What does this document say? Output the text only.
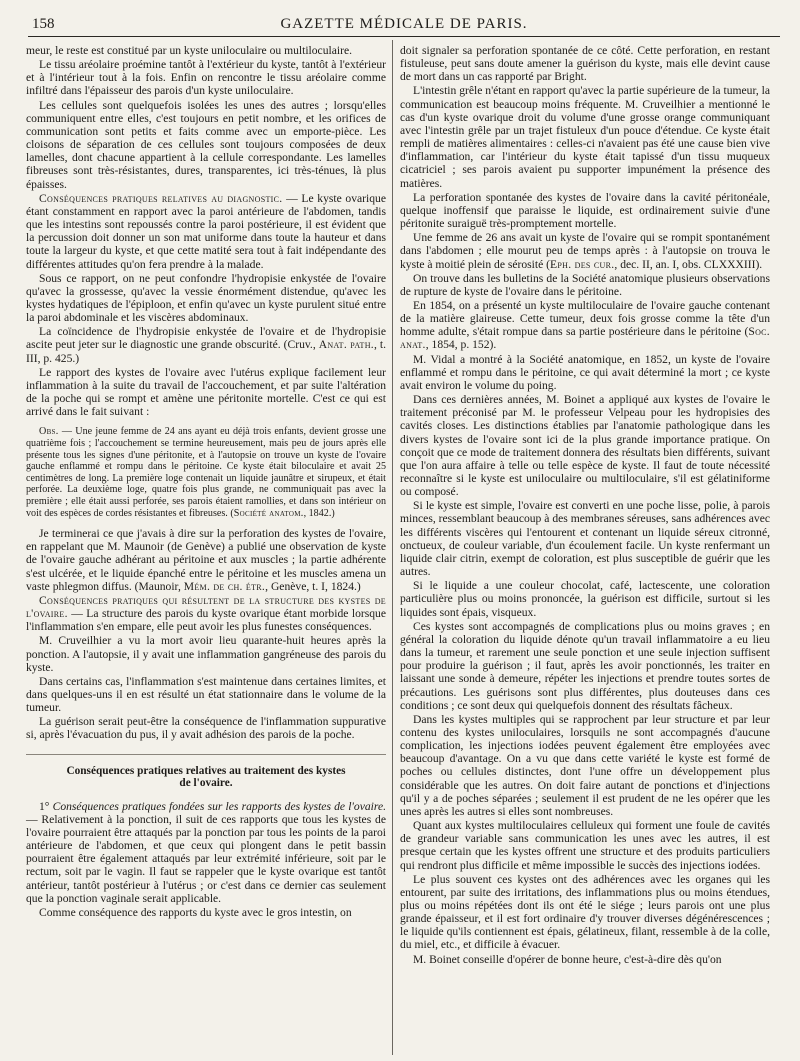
158	GAZETTE MÉDICALE DE PARIS.

meur, le reste est constitué par un kyste uniloculaire ou multiloculaire.

Le tissu aréolaire proémine tantôt à l'extérieur du kyste, tantôt à l'extérieur et à l'intérieur tout à la fois. Enfin on rencontre le tissu aréolaire comme infiltré dans l'épaisseur des parois d'un kyste uniloculaire.

Les cellules sont quelquefois isolées les unes des autres ; lorsqu'elles communiquent entre elles, c'est toujours en petit nombre, et les orifices de communication sont petits et faits comme avec un emporte-pièce. Les cloisons de séparation de ces cellules sont toujours composées de deux lamelles, dont chacune appartient à la cellule correspondante. Les lamelles fibreuses sont très-résistantes, dures, transparentes, ici très-ténues, là plus épaisses.

Conséquences pratiques relatives au diagnostic. — Le kyste ovarique étant constamment en rapport avec la paroi antérieure de l'abdomen, tandis que les intestins sont repoussés contre la paroi postérieure, il est évident que la percussion doit donner un son mat uniforme dans toute la hauteur et dans toute la largeur du kyste, et que cette matité sera tout à fait indépendante des différentes attitudes qu'on fera prendre à la malade.

Sous ce rapport, on ne peut confondre l'hydropisie enkystée de l'ovaire qu'avec la grossesse, qu'avec la vessie énormément distendue, qu'avec les kystes hydatiques de l'épiploon, et enfin qu'avec un kyste purulent situé entre la paroi abdominale et les viscères abdominaux.

La coïncidence de l'hydropisie enkystée de l'ovaire et de l'hydropisie ascite peut jeter sur le diagnostic une grande obscurité. (Cruv., Anat. path., t. III, p. 425.)

Le rapport des kystes de l'ovaire avec l'utérus explique facilement leur inflammation à la suite du travail de l'accouchement, et par suite l'altération de la poche qui se rompt et amène une péritonite mortelle. C'est ce qui est arrivé dans le fait suivant :

Obs. — Une jeune femme de 24 ans ayant eu déjà trois enfants, devient grosse une quatrième fois ; l'accouchement se termine heureusement, mais peu de jours après elle présente tous les signes d'une péritonite, et à l'autopsie on trouve un kyste de l'ovaire gauche enflammé et rompu dans le péritoine. Ce kyste était biloculaire et avait 25 centimètres de long. La première loge contenait un liquide jaunâtre et sirupeux, et était perforée. La deuxième loge, quatre fois plus grande, ne communiquait pas avec la première ; elle était aussi perforée, ses parois étaient ramollies, et dans son intérieur on voit des espèces de cordes résistantes et fibreuses. (Société anatom., 1842.)

Je terminerai ce que j'avais à dire sur la perforation des kystes de l'ovaire, en rappelant que M. Maunoir (de Genève) a publié une observation de kyste de l'ovaire gauche adhérant au péritoine et aux muscles ; la partie adhérente s'est ulcérée, et le liquide épanché entre le péritoine et les muscles amena un vaste phlegmon diffus. (Maunoir, Mém. de ch. étr., Genève, t. I, 1824.)

Conséquences pratiques qui résultent de la structure des kystes de l'ovaire. — La structure des parois du kyste ovarique étant morbide lorsque l'inflammation s'en empare, elle peut avoir les plus funestes conséquences.

M. Cruveilhier a vu la mort avoir lieu quarante-huit heures après la ponction. A l'autopsie, il y avait une inflammation gangréneuse des parois du kyste.

Dans certains cas, l'inflammation s'est maintenue dans certaines limites, et dans quelques-uns il en est résulté un état stationnaire dans le volume de la tumeur.

La guérison serait peut-être la conséquence de l'inflammation suppurative si, après l'évacuation du pus, il y avait adhésion des parois de la poche.

Conséquences pratiques relatives au traitement des kystes
de l'ovaire.

1° Conséquences pratiques fondées sur les rapports des kystes de l'ovaire. — Relativement à la ponction, il suit de ces rapports que tous les kystes de l'ovaire pourraient être attaqués par la ponction par tous les points de la paroi antérieure de l'abdomen, et que ceux qui plongent dans le petit bassin pourraient être également attaqués par leur extrémité inférieure, soit par le rectum, soit par le vagin. Il faut se rappeler que le kyste ovarique est tantôt antérieur, tantôt postérieur à l'utérus ; or c'est dans ce dernier cas seulement que la ponction vaginale serait applicable.

Comme conséquence des rapports du kyste avec le gros intestin, on

doit signaler sa perforation spontanée de ce côté. Cette perforation, en restant fistuleuse, peut sans doute amener la guérison du kyste, mais elle devint cause de mort dans un cas rapporté par Bright.

L'intestin grêle n'étant en rapport qu'avec la partie supérieure de la tumeur, la communication est beaucoup moins fréquente. M. Cruveilhier a mentionné le cas d'un kyste ovarique droit du volume d'une grosse orange communiquant avec l'intestin grêle par un trajet fistuleux d'un pouce d'étendue. Ce kyste était rempli de matières alimentaires : celles-ci n'avaient pas été une cause bien vive d'inflammation, car l'intérieur du kyste était tapissé d'un tissu muqueux cicatriciel ; ses parois avaient pu supporter impunément la présence des matières.

La perforation spontanée des kystes de l'ovaire dans la cavité péritonéale, quelque inoffensif que paraisse le liquide, est ordinairement suivie d'une péritonite suraiguë très-promptement mortelle.

Une femme de 26 ans avait un kyste de l'ovaire qui se rompit spontanément dans l'abdomen ; elle mourut peu de temps après : à l'autopsie on trouva le kyste à moitié plein de sérosité (Eph. des cur., dec. II, an. I, obs. CLXXXIII).

On trouve dans les bulletins de la Société anatomique plusieurs observations de rupture de kyste de l'ovaire dans le péritoine.

En 1854, on a présenté un kyste multiloculaire de l'ovaire gauche contenant de la matière glaireuse. Cette tumeur, deux fois grosse comme la tête d'un homme adulte, s'était rompue dans sa partie postérieure dans le péritoine (Soc. anat., 1854, p. 152).

M. Vidal a montré à la Société anatomique, en 1852, un kyste de l'ovaire enflammé et rompu dans le péritoine, ce qui avait déterminé la mort ; ce kyste avait environ le volume du poing.

Dans ces dernières années, M. Boinet a appliqué aux kystes de l'ovaire le traitement préconisé par M. le professeur Velpeau pour les hydropisies des cavités closes. Les distinctions établies par l'anatomie pathologique dans les divers kystes de l'ovaire sont ici de la plus grande importance pratique. On conçoit que ce mode de traitement donnera des résultats bien différents, suivant que l'on aura affaire à telle ou telle espèce de kyste. Il faut de toute nécessité reconnaître si le kyste est uniloculaire ou multiloculaire, s'il est gélatiniforme ou composé.

Si le kyste est simple, l'ovaire est converti en une poche lisse, polie, à parois minces, ressemblant beaucoup à des membranes séreuses, sans adhérences avec les différents viscères qui l'entourent et contenant un liquide séreux citronné, onctueux, de couleur variable, d'un écoulement facile. Un kyste renfermant un liquide clair citrin, exempt de coloration, est plus susceptible de guérir que les autres.

Si le liquide a une couleur chocolat, café, lactescente, une coloration particulière plus ou moins prononcée, la guérison est difficile, surtout si les liquides sont épais, visqueux.

Ces kystes sont accompagnés de complications plus ou moins graves ; en général la coloration du liquide dénote qu'un travail inflammatoire a eu lieu dans la tumeur, et rarement une seule ponction et une seule injection suffisent pour produire la guérison ; il faut, après les avoir ponctionnés, les traiter en laissant une sonde à demeure, répéter les injections et prendre toutes sortes de précautions. Les guérisons sont plus différentes, plus douteuses dans ces conditions ; ce sont deux qui quelquefois donnent des résultats fâcheux.

Dans les kystes multiples qui se rapprochent par leur structure et par leur contenu des kystes uniloculaires, lorsquils ne sont accompagnés d'aucune complication, les injections iodées peuvent également être employées avec beaucoup d'avantage. On a vu que dans cette variété le kyste est formé de poches ou cellules distinctes, dont l'une offre un développement plus considérable que les autres. On doit faire autant de ponctions et d'injections qu'il y a de poches séparées ; seulement il est prudent de ne les opérer que les unes après les autres si elles sont nombreuses.

Quant aux kystes multiloculaires celluleux qui forment une foule de cavités de grandeur variable sans communication les unes avec les autres, il est presque certain que les kystes offrent une structure et des produits particuliers qui rendront plus difficile et même impossible le succès des injections iodées.

Le plus souvent ces kystes ont des adhérences avec les organes qui les entourent, par suite des irritations, des inflammations plus ou moins étendues, plus ou moins répétées dont ils ont été le siége ; leurs parois ont une plus grande épaisseur, et il est fort ordinaire d'y trouver diverses dégénérescences ; le liquide qu'ils contiennent est épais, gélatineux, filant, ressemble à de la colle, du miel, etc., et difficile à évacuer.

M. Boinet conseille d'opérer de bonne heure, c'est-à-dire dès qu'on
